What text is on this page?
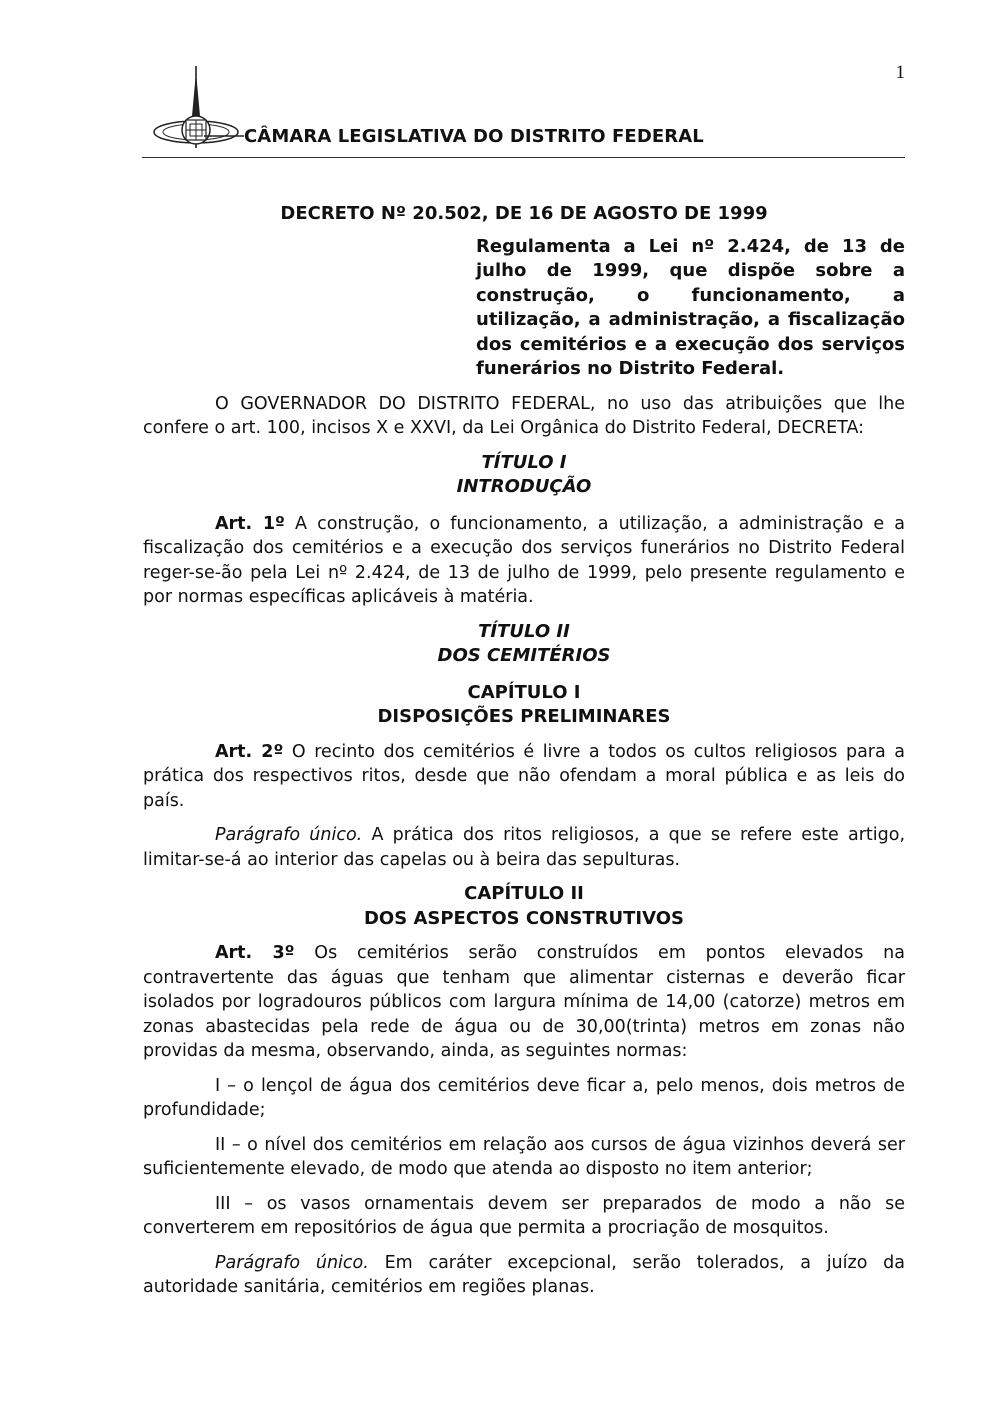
1
CÂMARA LEGISLATIVA DO DISTRITO FEDERAL
DECRETO Nº 20.502, DE 16 DE AGOSTO DE 1999
Regulamenta a Lei nº 2.424, de 13 de julho de 1999, que dispõe sobre a construção, o funcionamento, a utilização, a administração, a fiscalização dos cemitérios e a execução dos serviços funerários no Distrito Federal.

O GOVERNADOR DO DISTRITO FEDERAL, no uso das atribuições que lhe confere o art. 100, incisos X e XXVI, da Lei Orgânica do Distrito Federal, DECRETA:

TÍTULO I
INTRODUÇÃO

Art. 1º A construção, o funcionamento, a utilização, a administração e a fiscalização dos cemitérios e a execução dos serviços funerários no Distrito Federal reger-se-ão pela Lei nº 2.424, de 13 de julho de 1999, pelo presente regulamento e por normas específicas aplicáveis à matéria.

TÍTULO II
DOS CEMITÉRIOS
CAPÍTULO I
DISPOSIÇÕES PRELIMINARES

Art. 2º O recinto dos cemitérios é livre a todos os cultos religiosos para a prática dos respectivos ritos, desde que não ofendam a moral pública e as leis do país.

Parágrafo único. A prática dos ritos religiosos, a que se refere este artigo, limitar-se-á ao interior das capelas ou à beira das sepulturas.

CAPÍTULO II
DOS ASPECTOS CONSTRUTIVOS

Art. 3º Os cemitérios serão construídos em pontos elevados na contravertente das águas que tenham que alimentar cisternas e deverão ficar isolados por logradouros públicos com largura mínima de 14,00 (catorze) metros em zonas abastecidas pela rede de água ou de 30,00(trinta) metros em zonas não providas da mesma, observando, ainda, as seguintes normas:

I – o lençol de água dos cemitérios deve ficar a, pelo menos, dois metros de profundidade;

II – o nível dos cemitérios em relação aos cursos de água vizinhos deverá ser suficientemente elevado, de modo que atenda ao disposto no item anterior;

III – os vasos ornamentais devem ser preparados de modo a não se converterem em repositórios de água que permita a procriação de mosquitos.

Parágrafo único. Em caráter excepcional, serão tolerados, a juízo da autoridade sanitária, cemitérios em regiões planas.
